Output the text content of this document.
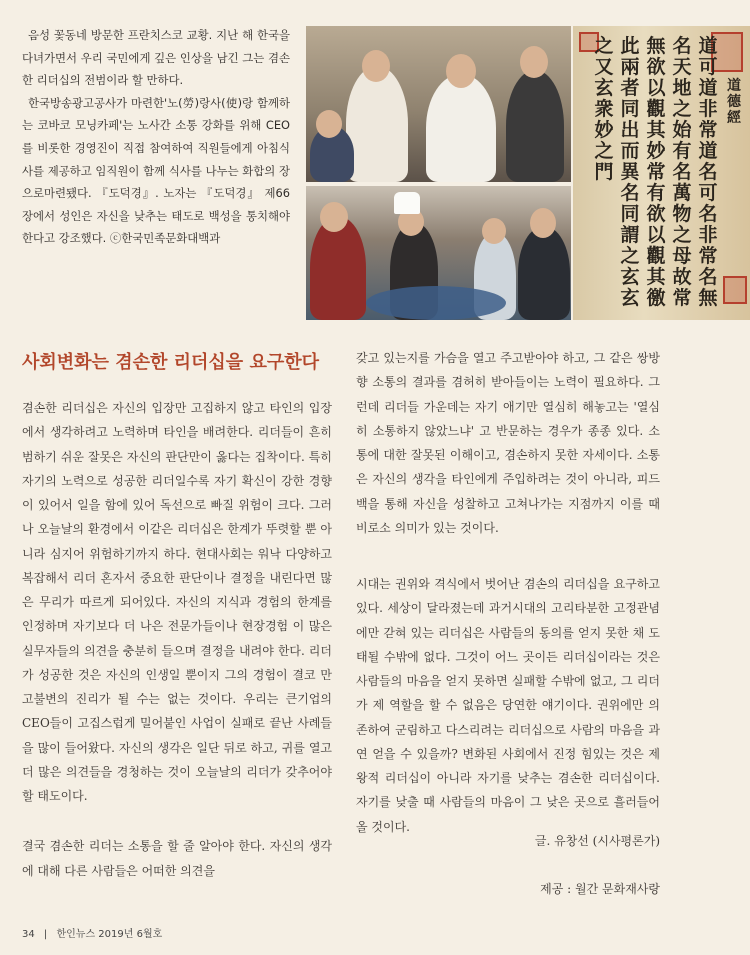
음성 꽃동네 방문한 프란치스코 교황. 지난 해 한국을 다녀가면서 우리 국민에게 깊은 인상을 남긴 그는 겸손한 리더십의 전범이라 할 만하다.

한국방송광고공사가 마련한'노(勞)랑사(使)랑 함께하는 코바코 모닝카페'는 노사간 소통 강화를 위해 CEO를 비롯한 경영진이 직접 참여하여 직원들에게 아침식사를 제공하고 임직원이 함께 식사를 나누는 화합의 장으로마련됐다. 『도덕경』. 노자는 『도덕경』 제66장에서 성인은 자신을 낮추는 태도로 백성을 통치해야한다고 강조했다. ⓒ한국민족문화대백과

道德經
道可道非常道名可名非常名無
名天地之始有名萬物之母故常
無欲以觀其妙常有欲以觀其徼
此兩者同出而異名同謂之玄玄
之又玄衆妙之門
사회변화는 겸손한 리더십을 요구한다

겸손한 리더십은 자신의 입장만 고집하지 않고 타인의 입장에서 생각하려고 노력하며 타인을 배려한다. 리더들이 흔히 범하기 쉬운 잘못은 자신의 판단만이 옳다는 집착이다. 특히 자기의 노력으로 성공한 리더일수록 자기 확신이 강한 경향이 있어서 일을 함에 있어 독선으로 빠질 위험이 크다. 그러나 오늘날의 환경에서 이같은 리더십은 한계가 뚜렷할 뿐 아니라 심지어 위험하기까지 하다. 현대사회는 워낙 다양하고 복잡해서 리더 혼자서 중요한 판단이나 결정을 내린다면 많은 무리가 따르게 되어있다. 자신의 지식과 경험의 한계를 인정하며 자기보다 더 나은 전문가들이나 현장경험 이 많은 실무자들의 의견을 충분히 들으며 결정을 내려야 한다. 리더가 성공한 것은 자신의 인생일 뿐이지 그의 경험이 결코 만고불변의 진리가 될 수는 없는 것이다. 우리는 큰기업의 CEO들이 고집스럽게 밀어붙인 사업이 실패로 끝난 사례들을 많이 들어왔다. 자신의 생각은 일단 뒤로 하고, 귀를 열고 더 많은 의견들을 경청하는 것이 오늘날의 리더가 갖추어야 할 태도이다.

결국 겸손한 리더는 소통을 할 줄 알아야 한다. 자신의 생각에 대해 다른 사람들은 어떠한 의견을

갖고 있는지를 가슴을 열고 주고받아야 하고, 그 같은 쌍방향 소통의 결과를 겸허히 받아들이는 노력이 필요하다. 그런데 리더들 가운데는 자기 애기만 열심히 해놓고는 '열심히 소통하지 않았느냐' 고 반문하는 경우가 종종 있다. 소통에 대한 잘못된 이해이고, 겸손하지 못한 자세이다. 소통은 자신의 생각을 타인에게 주입하려는 것이 아니라, 피드백을 통해 자신을 성찰하고 고쳐나가는 지점까지 이를 때 비로소 의미가 있는 것이다.

시대는 권위와 격식에서 벗어난 겸손의 리더십을 요구하고 있다. 세상이 달라졌는데 과거시대의 고리타분한 고정관념에만 갇혀 있는 리더십은 사람들의 동의를 얻지 못한 채 도태될 수밖에 없다. 그것이 어느 곳이든 리더십이라는 것은 사람들의 마음을 얻지 못하면 실패할 수밖에 없고, 그 리더가 제 역할을 할 수 없음은 당연한 얘기이다. 권위에만 의존하여 군림하고 다스리려는 리더십으로 사람의 마음을 과연 얻을 수 있을까? 변화된 사회에서 진정 힘있는 것은 제왕적 리더십이 아니라 자기를 낮추는 겸손한 리더십이다. 자기를 낮출 때 사람들의 마음이 그 낮은 곳으로 흘러들어올 것이다.

글. 유창선 (시사평론가)
제공 : 월간 문화재사랑
34 | 한인뉴스 2019년 6월호
